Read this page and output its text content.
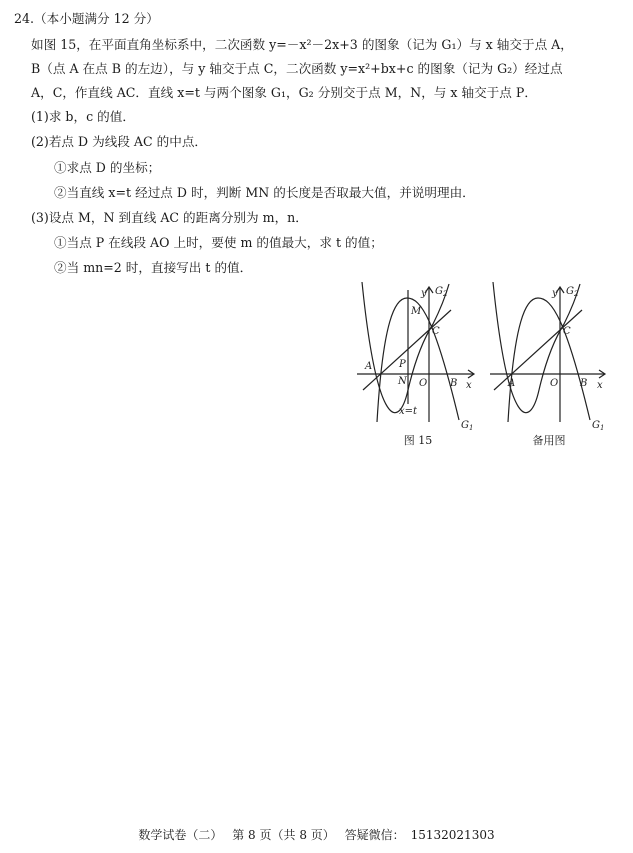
24.（本小题满分 12 分）
如图 15，在平面直角坐标系中，二次函数 y=－x²－2x+3 的图象（记为 G₁）与 x 轴交于点 A，
B（点 A 在点 B 的左边），与 y 轴交于点 C，二次函数 y=x²+bx+c 的图象（记为 G₂）经过点
A，C，作直线 AC．直线 x=t 与两个图象 G₁，G₂ 分别交于点 M，N，与 x 轴交于点 P．
(1)求 b，c 的值．
(2)若点 D 为线段 AC 的中点．
①求点 D 的坐标；
②当直线 x=t 经过点 D 时，判断 MN 的长度是否取最大值，并说明理由．
(3)设点 M，N 到直线 AC 的距离分别为 m，n．
①当点 P 在线段 AO 上时，要使 m 的值最大，求 t 的值；
②当 mn=2 时，直接写出 t 的值．
y $G_2$
M
C
A	P
N O B x
x=t
$G_1$
图 15
y $G_2$
C
A	O B x
$G_1$
备用图
数学试卷（二） 第 8 页（共 8 页） 答疑微信： 15132021303
